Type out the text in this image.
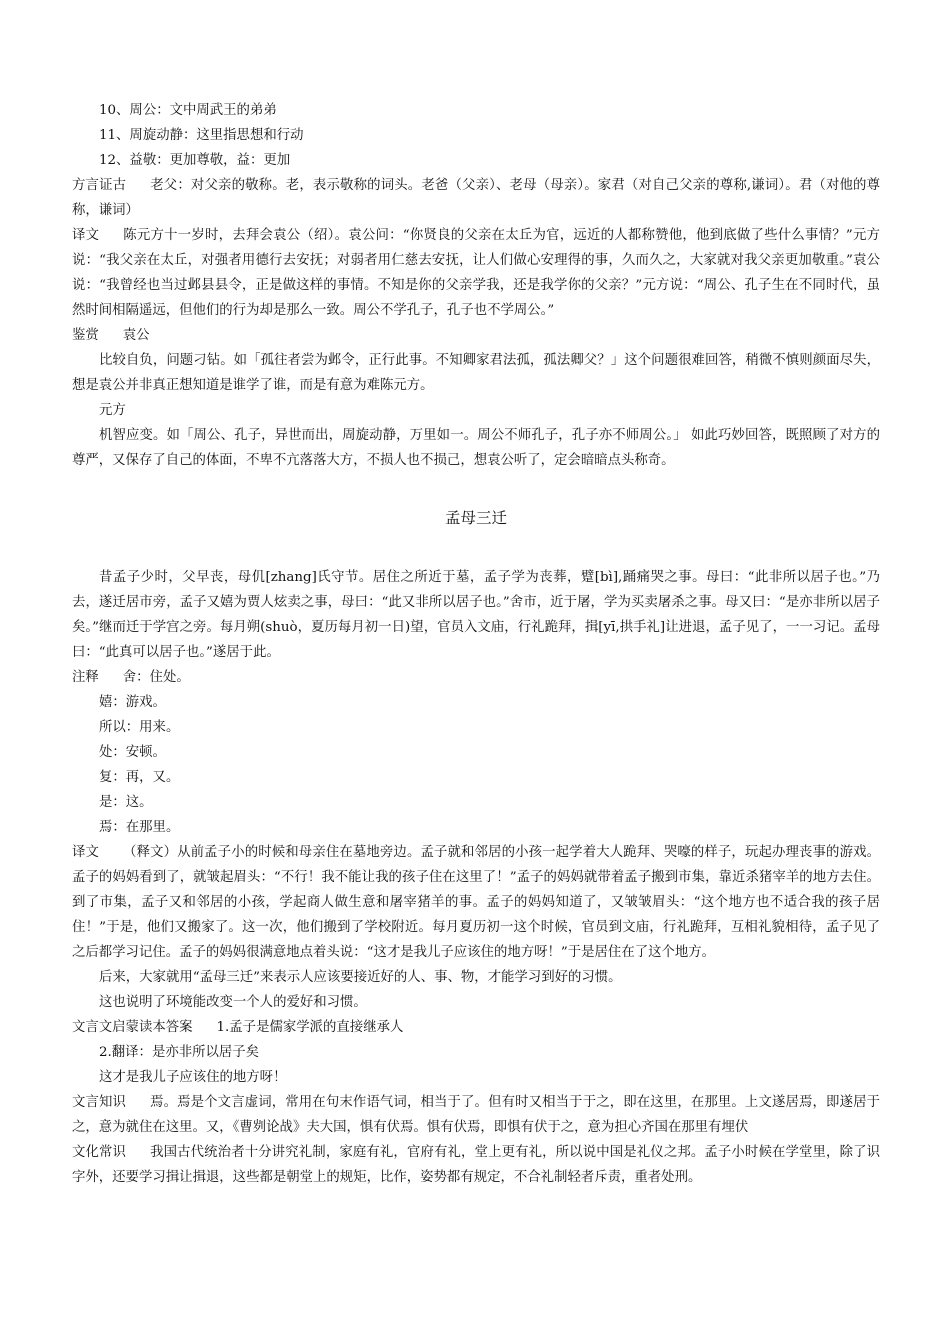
10、周公：文中周武王的弟弟

11、周旋动静：这里指思想和行动

12、益敬：更加尊敬，益：更加

方言证古 老父：对父亲的敬称。老，表示敬称的词头。老爸（父亲）、老母（母亲）。家君（对自己父亲的尊称,谦词）。君（对他的尊称，谦词）

译文 陈元方十一岁时，去拜会袁公（绍）。袁公问：“你贤良的父亲在太丘为官，远近的人都称赞他，他到底做了些什么事情？”元方说：“我父亲在太丘，对强者用德行去安抚；对弱者用仁慈去安抚，让人们做心安理得的事，久而久之，大家就对我父亲更加敬重。”袁公说：“我曾经也当过邺县县令，正是做这样的事情。不知是你的父亲学我，还是我学你的父亲？”元方说：“周公、孔子生在不同时代，虽然时间相隔遥远，但他们的行为却是那么一致。周公不学孔子，孔子也不学周公。”

鉴赏 袁公

比较自负，问题刁钻。如「孤往者尝为邺令，正行此事。不知卿家君法孤，孤法卿父？」这个问题很难回答，稍微不慎则颜面尽失，想是袁公并非真正想知道是谁学了谁，而是有意为难陈元方。

元方

机智应变。如「周公、孔子，异世而出，周旋动静，万里如一。周公不师孔子，孔子亦不师周公。」 如此巧妙回答，既照顾了对方的尊严，又保存了自己的体面，不卑不亢落落大方，不损人也不损己，想袁公听了，定会暗暗点头称奇。

孟母三迁

昔孟子少时，父早丧，母仉[zhang]氏守节。居住之所近于墓，孟子学为丧葬，躄[bì],踊痛哭之事。母曰：“此非所以居子也。”乃去，遂迁居市旁，孟子又嬉为贾人炫卖之事，母曰：“此又非所以居子也。”舍市，近于屠，学为买卖屠杀之事。母又曰：“是亦非所以居子矣。”继而迁于学宫之旁。每月朔(shuò，夏历每月初一日)望，官员入文庙，行礼跪拜，揖[yī,拱手礼]让进退，孟子见了，一一习记。孟母曰：“此真可以居子也。”遂居于此。

注释 舍：住处。

嬉：游戏。

所以：用来。

处：安顿。

复：再，又。

是：这。

焉：在那里。

译文 （释文）从前孟子小的时候和母亲住在墓地旁边。孟子就和邻居的小孩一起学着大人跪拜、哭嚎的样子，玩起办理丧事的游戏。孟子的妈妈看到了，就皱起眉头：“不行！我不能让我的孩子住在这里了！”孟子的妈妈就带着孟子搬到市集，靠近杀猪宰羊的地方去住。到了市集，孟子又和邻居的小孩，学起商人做生意和屠宰猪羊的事。孟子的妈妈知道了，又皱皱眉头：“这个地方也不适合我的孩子居住！”于是，他们又搬家了。这一次，他们搬到了学校附近。每月夏历初一这个时候，官员到文庙，行礼跪拜，互相礼貌相待，孟子见了之后都学习记住。孟子的妈妈很满意地点着头说：“这才是我儿子应该住的地方呀！”于是居住在了这个地方。

后来，大家就用“孟母三迁”来表示人应该要接近好的人、事、物，才能学习到好的习惯。

这也说明了环境能改变一个人的爱好和习惯。

文言文启蒙读本答案 1.孟子是儒家学派的直接继承人

2.翻译：是亦非所以居子矣

这才是我儿子应该住的地方呀！

文言知识 焉。焉是个文言虚词，常用在句末作语气词，相当于了。但有时又相当于于之，即在这里，在那里。上文遂居焉，即遂居于之，意为就住在这里。又，《曹刿论战》夫大国，惧有伏焉。惧有伏焉，即惧有伏于之，意为担心齐国在那里有埋伏

文化常识 我国古代统治者十分讲究礼制，家庭有礼，官府有礼，堂上更有礼，所以说中国是礼仪之邦。孟子小时候在学堂里，除了识字外，还要学习揖让揖退，这些都是朝堂上的规矩，比作，姿势都有规定，不合礼制轻者斥责，重者处刑。
